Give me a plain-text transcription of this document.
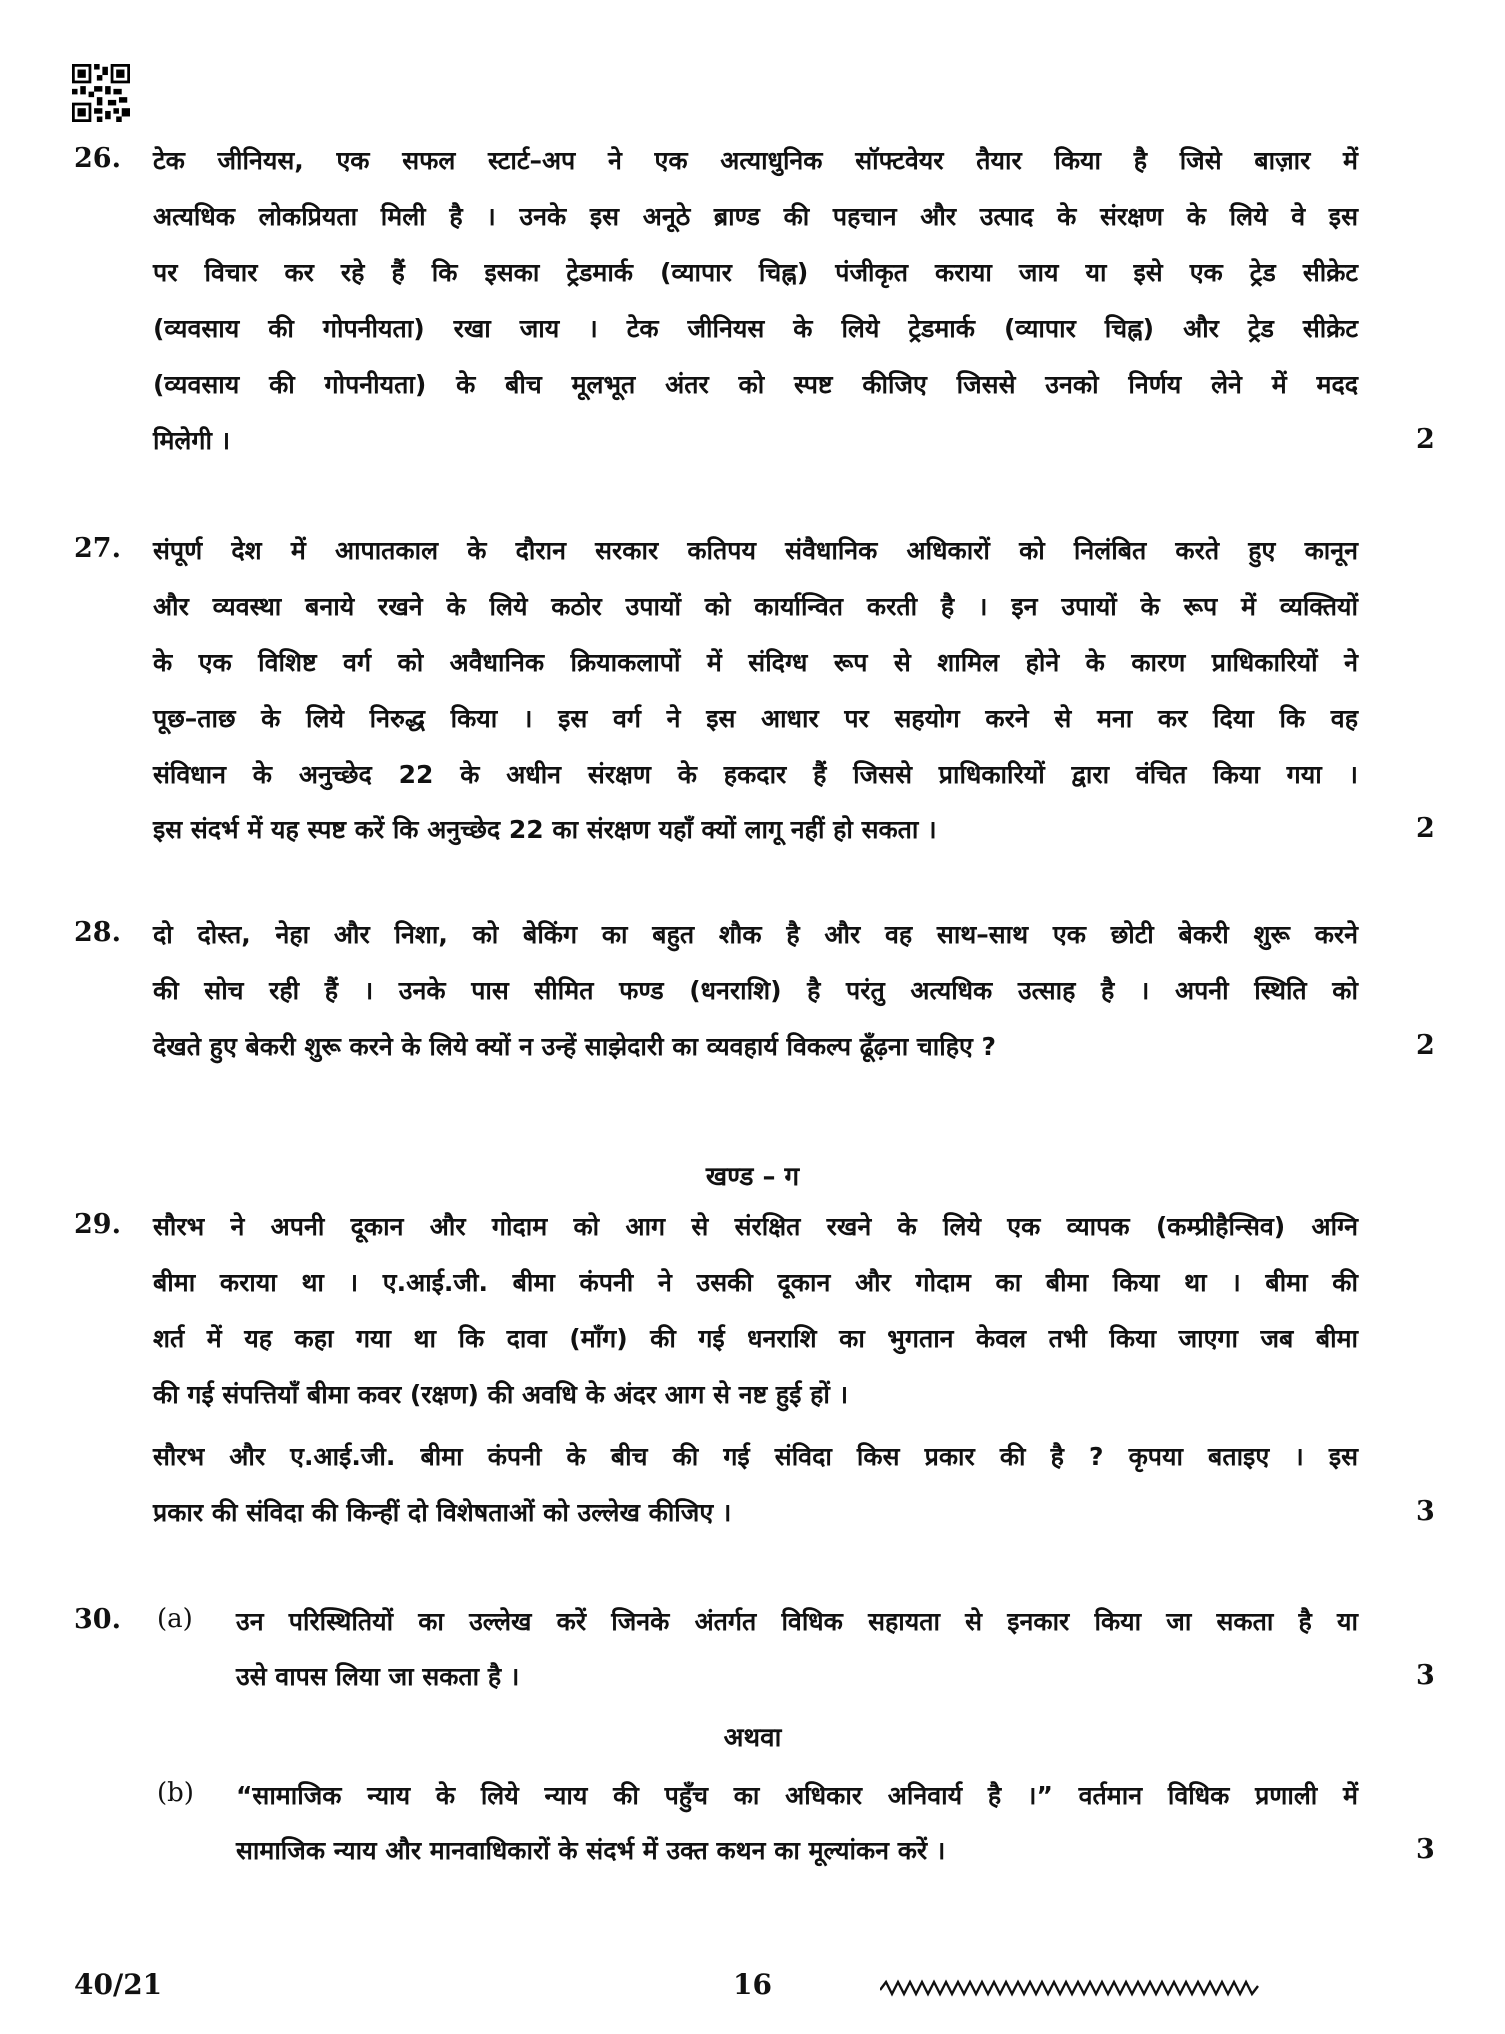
26. टेक जीनियस, एक सफल स्टार्ट–अप ने एक अत्याधुनिक सॉफ्टवेयर तैयार किया है जिसे बाज़ार में
अत्यधिक लोकप्रियता मिली है । उनके इस अनूठे ब्राण्ड की पहचान और उत्पाद के संरक्षण के लिये वे इस
पर विचार कर रहे हैं कि इसका ट्रेडमार्क (व्यापार चिह्न) पंजीकृत कराया जाय या इसे एक ट्रेड सीक्रेट
(व्यवसाय की गोपनीयता) रखा जाय । टेक जीनियस के लिये ट्रेडमार्क (व्यापार चिह्न) और ट्रेड सीक्रेट
(व्यवसाय की गोपनीयता) के बीच मूलभूत अंतर को स्पष्ट कीजिए जिससे उनको निर्णय लेने में मदद
मिलेगी ।	2
27. संपूर्ण देश में आपातकाल के दौरान सरकार कतिपय संवैधानिक अधिकारों को निलंबित करते हुए कानून
और व्यवस्था बनाये रखने के लिये कठोर उपायों को कार्यान्वित करती है । इन उपायों के रूप में व्यक्तियों
के एक विशिष्ट वर्ग को अवैधानिक क्रियाकलापों में संदिग्ध रूप से शामिल होने के कारण प्राधिकारियों ने
पूछ–ताछ के लिये निरुद्ध किया । इस वर्ग ने इस आधार पर सहयोग करने से मना कर दिया कि वह
संविधान के अनुच्छेद 22 के अधीन संरक्षण के हकदार हैं जिससे प्राधिकारियों द्वारा वंचित किया गया ।
इस संदर्भ में यह स्पष्ट करें कि अनुच्छेद 22 का संरक्षण यहाँ क्यों लागू नहीं हो सकता ।	2
28. दो दोस्त, नेहा और निशा, को बेकिंग का बहुत शौक है और वह साथ–साथ एक छोटी बेकरी शुरू करने
की सोच रही हैं । उनके पास सीमित फण्ड (धनराशि) है परंतु अत्यधिक उत्साह है । अपनी स्थिति को
देखते हुए बेकरी शुरू करने के लिये क्यों न उन्हें साझेदारी का व्यवहार्य विकल्प ढूँढ़ना चाहिए ?	2
खण्ड – ग
29. सौरभ ने अपनी दूकान और गोदाम को आग से संरक्षित रखने के लिये एक व्यापक (कम्प्रीहैन्सिव) अग्नि
बीमा कराया था । ए.आई.जी. बीमा कंपनी ने उसकी दूकान और गोदाम का बीमा किया था । बीमा की
शर्त में यह कहा गया था कि दावा (माँग) की गई धनराशि का भुगतान केवल तभी किया जाएगा जब बीमा
की गई संपत्तियाँ बीमा कवर (रक्षण) की अवधि के अंदर आग से नष्ट हुई हों ।
सौरभ और ए.आई.जी. बीमा कंपनी के बीच की गई संविदा किस प्रकार की है ? कृपया बताइए । इस
प्रकार की संविदा की किन्हीं दो विशेषताओं को उल्लेख कीजिए ।	3
30. (a) उन परिस्थितियों का उल्लेख करें जिनके अंतर्गत विधिक सहायता से इनकार किया जा सकता है या
उसे वापस लिया जा सकता है ।	3
अथवा
(b) “सामाजिक न्याय के लिये न्याय की पहुँच का अधिकार अनिवार्य है ।” वर्तमान विधिक प्रणाली में
सामाजिक न्याय और मानवाधिकारों के संदर्भ में उक्त कथन का मूल्यांकन करें ।	3
40/21	16
